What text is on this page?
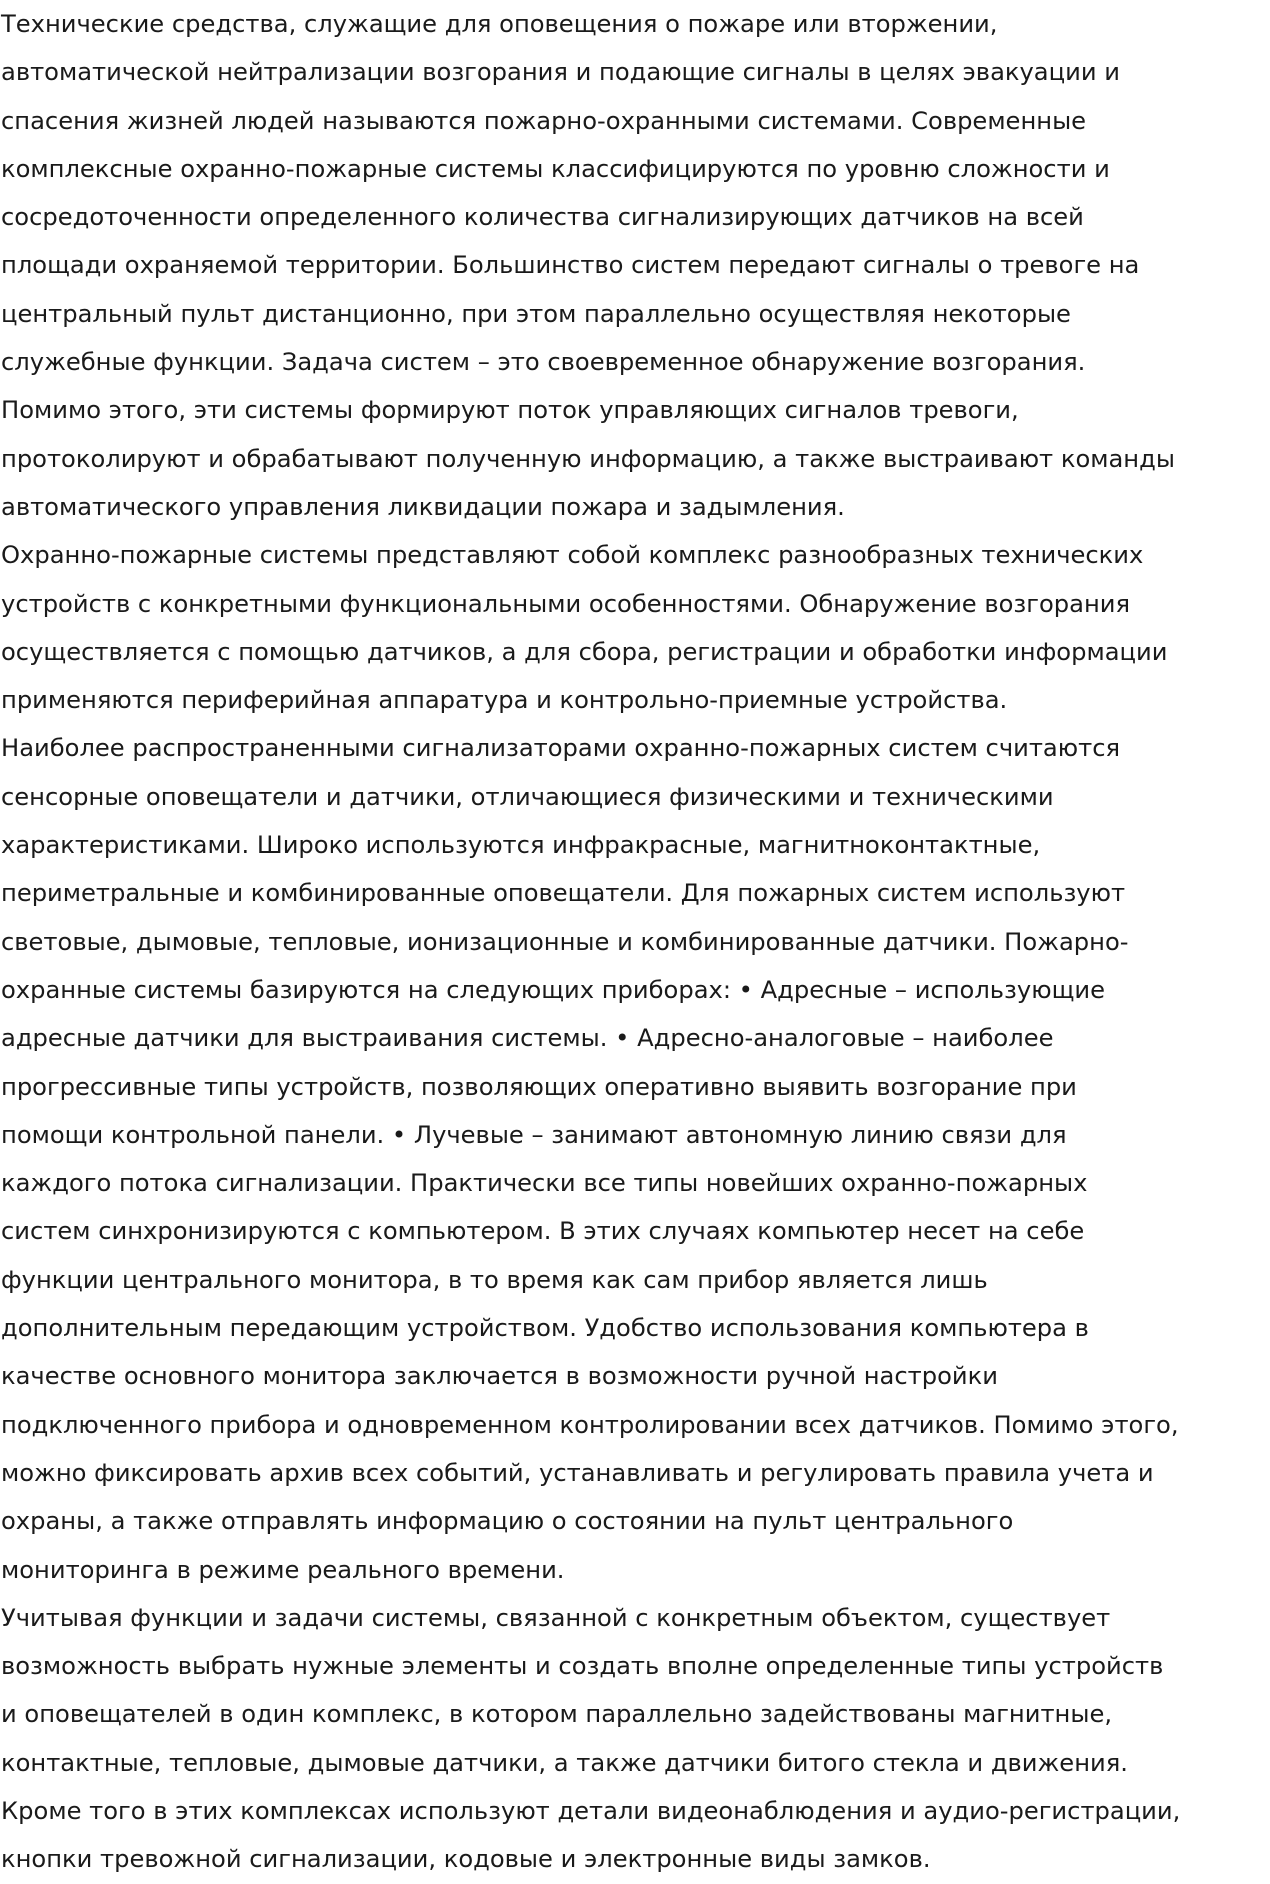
Технические средства, служащие для оповещения о пожаре или вторжении,
автоматической нейтрализации возгорания и подающие сигналы в целях эвакуации и
спасения жизней людей называются пожарно-охранными системами. Современные
комплексные охранно-пожарные системы классифицируются по уровню сложности и
сосредоточенности определенного количества сигнализирующих датчиков на всей
площади охраняемой территории. Большинство систем передают сигналы о тревоге на
центральный пульт дистанционно, при этом параллельно осуществляя некоторые
служебные функции. Задача систем – это своевременное обнаружение возгорания.
Помимо этого, эти системы формируют поток управляющих сигналов тревоги,
протоколируют и обрабатывают полученную информацию, а также выстраивают команды
автоматического управления ликвидации пожара и задымления.

Охранно-пожарные системы представляют собой комплекс разнообразных технических
устройств с конкретными функциональными особенностями. Обнаружение возгорания
осуществляется с помощью датчиков, а для сбора, регистрации и обработки информации
применяются периферийная аппаратура и контрольно-приемные устройства.

Наиболее распространенными сигнализаторами охранно-пожарных систем считаются
сенсорные оповещатели и датчики, отличающиеся физическими и техническими
характеристиками. Широко используются инфракрасные, магнитноконтактные,
периметральные и комбинированные оповещатели. Для пожарных систем используют
световые, дымовые, тепловые, ионизационные и комбинированные датчики. Пожарно-
охранные системы базируются на следующих приборах: • Адресные – использующие
адресные датчики для выстраивания системы. • Адресно-аналоговые – наиболее
прогрессивные типы устройств, позволяющих оперативно выявить возгорание при
помощи контрольной панели. • Лучевые – занимают автономную линию связи для
каждого потока сигнализации. Практически все типы новейших охранно-пожарных
систем синхронизируются с компьютером. В этих случаях компьютер несет на себе
функции центрального монитора, в то время как сам прибор является лишь
дополнительным передающим устройством. Удобство использования компьютера в
качестве основного монитора заключается в возможности ручной настройки
подключенного прибора и одновременном контролировании всех датчиков. Помимо этого,
можно фиксировать архив всех событий, устанавливать и регулировать правила учета и
охраны, а также отправлять информацию о состоянии на пульт центрального
мониторинга в режиме реального времени.

Учитывая функции и задачи системы, связанной с конкретным объектом, существует
возможность выбрать нужные элементы и создать вполне определенные типы устройств
и оповещателей в один комплекс, в котором параллельно задействованы магнитные,
контактные, тепловые, дымовые датчики, а также датчики битого стекла и движения.
Кроме того в этих комплексах используют детали видеонаблюдения и аудио-регистрации,
кнопки тревожной сигнализации, кодовые и электронные виды замков.
